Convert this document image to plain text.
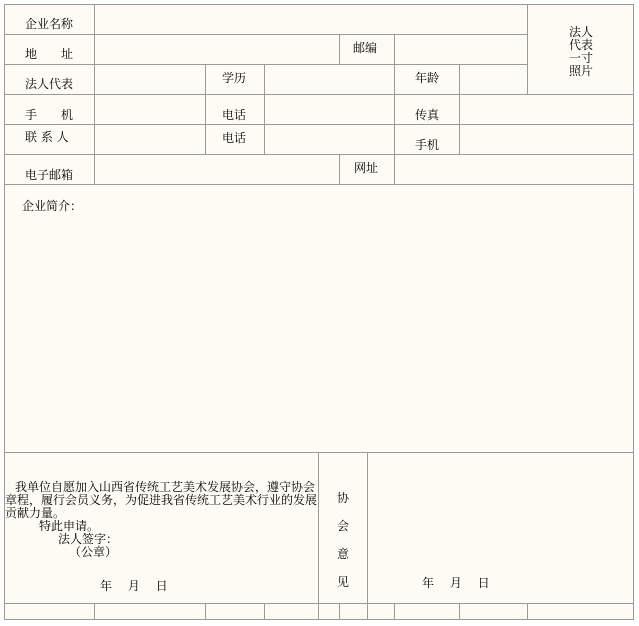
企业名称
法人
代表
一寸
照片
地 址	邮编
法人代表	学历	年龄
手 机	电话	传真
联 系 人	电话	手机
电子邮箱	网址
企业简介：
我单位自愿加入山西省传统工艺美术发展协会，遵守协会
章程，履行会员义务，为促进我省传统工艺美术行业的发展
贡献力量。
特此申请。
法人签字：
（公章）
年　 月　 日
协
会
意
见	年　 月　 日
